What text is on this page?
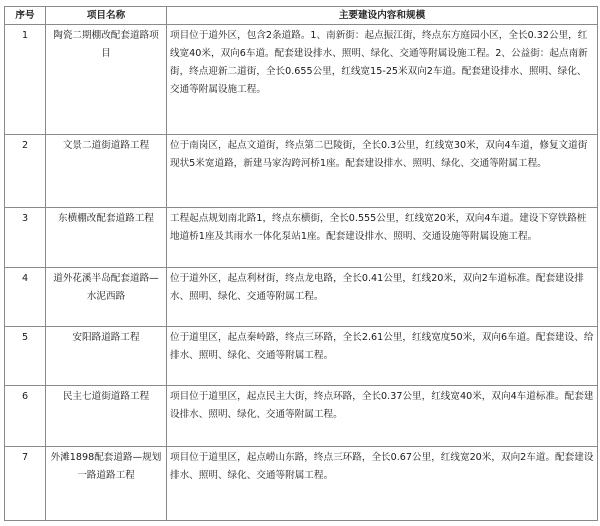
序号	项目名称	主要建设内容和规模
1	陶瓷二期棚改配套道路项目	项目位于道外区，包含2条道路。1、南新街：起点振江街，终点东方庭园小区，全长0.32公里，红线宽40米，双向6车道。配套建设排水、照明、绿化、交通等附属设施工程。2、公益街：起点南新街，终点迎新二道街，全长0.655公里，红线宽15-25米双向2车道。配套建设排水、照明、绿化、交通等附属设施工程。
2	文景二道街道路工程	位于南岗区，起点文道街，终点第二巴陵街，全长0.3公里，红线宽30米，双向4车道，修复文道街现状5米宽道路，新建马家沟跨河桥1座。配套建设排水、照明、绿化、交通等附属工程。
3	东横棚改配套道路工程	工程起点规划南北路1，终点东横街，全长0.555公里，红线宽20米，双向4车道。建设下穿铁路桩地道桥1座及其雨水一体化泵站1座。配套建设排水、照明、交通设施等附属设施工程。
4	道外花溪半岛配套道路—水泥西路	位于道外区，起点利材街，终点龙电路，全长0.41公里，红线20米，双向2车道标准。配套建设排水、照明、绿化、交通等附属工程。
5	安阳路道路工程	位于道里区，起点秦岭路，终点三环路，全长2.61公里，红线宽度50米，双向6车道。配套建设、给排水、照明、绿化、交通等附属工程。
6	民主七道街道路工程	项目位于道里区，起点民主大街，终点环路，全长0.37公里，红线宽40米，双向4车道标准。配套建设排水、照明、绿化、交通等附属工程。
7	外滩1898配套道路—规划一路道路工程	项目位于道里区，起点崂山东路，终点三环路，全长0.67公里，红线宽20米，双向2车道。配套建设排水、照明、绿化、交通等附属工程。
